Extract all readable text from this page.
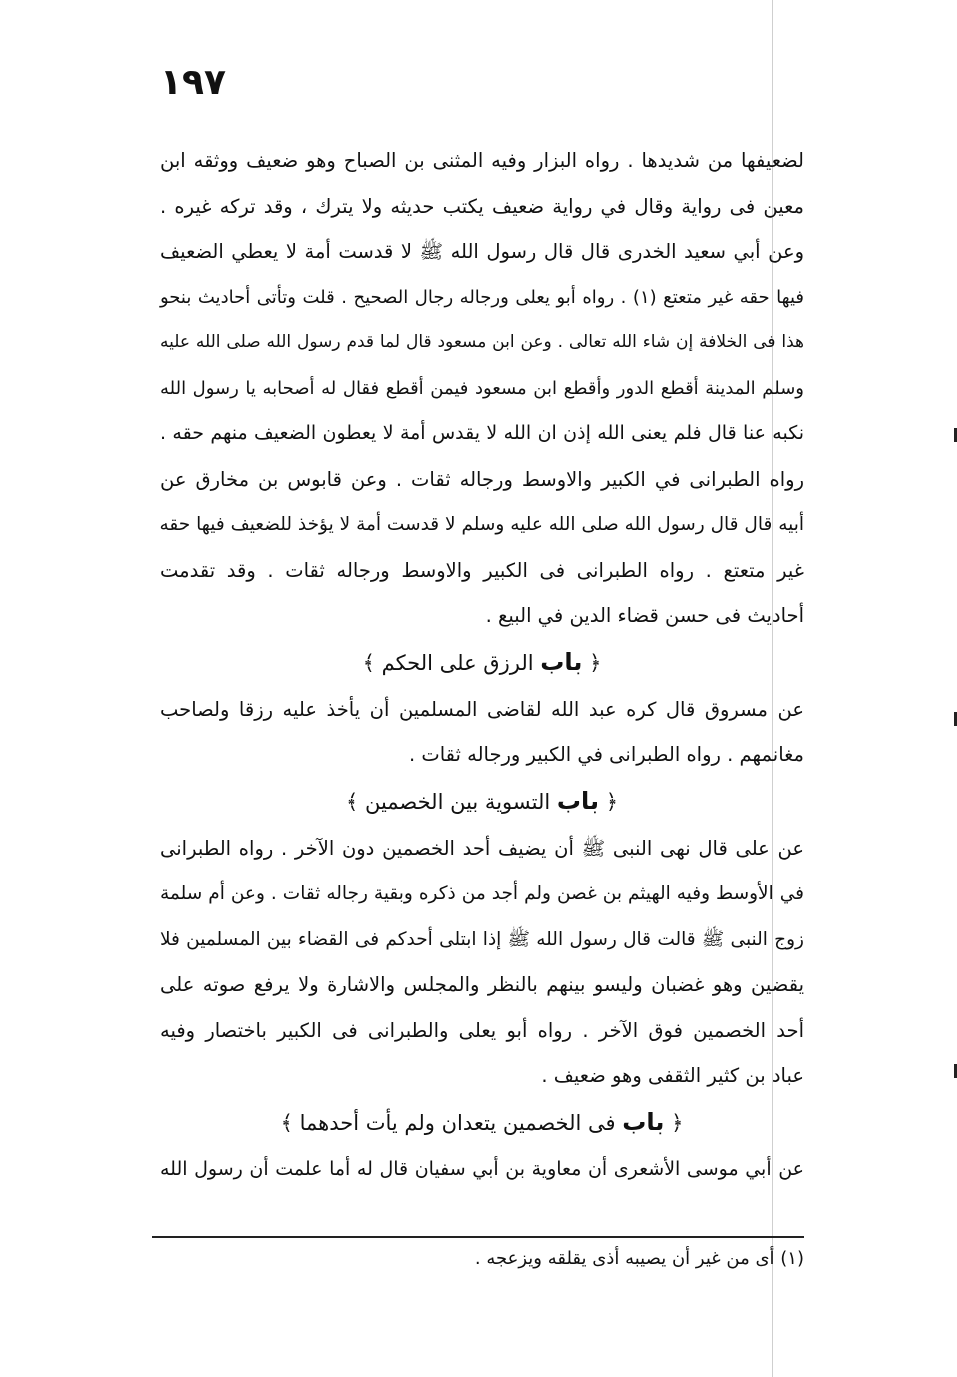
١٩٧
لضعيفها من شديدها . رواه البزار وفيه المثنى بن الصباح وهو ضعيف ووثقه ابن
معين فى رواية وقال في رواية ضعيف يكتب حديثه ولا يترك ، وقد تركه غيره .
وعن أبي سعيد الخدرى قال قال رسول الله ﷺ لا قدست أمة لا يعطي الضعيف
فيها حقه غير متعتع (١) . رواه أبو يعلى ورجاله رجال الصحيح . قلت وتأتى أحاديث بنحو
هذا فى الخلافة إن شاء الله تعالى . وعن ابن مسعود قال لما قدم رسول الله صلى الله عليه
وسلم المدينة أقطع الدور وأقطع ابن مسعود فيمن أقطع فقال له أصحابه يا رسول الله
نكبه عنا قال فلم يعنى الله إذن ان الله لا يقدس أمة لا يعطون الضعيف منهم حقه .
رواه الطبرانى في الكبير والاوسط ورجاله ثقات . وعن قابوس بن مخارق عن
أبيه قال قال رسول الله صلى الله عليه وسلم لا قدست أمة لا يؤخذ للضعيف فيها حقه
غير متعتع . رواه الطبرانى فى الكبير والاوسط ورجاله ثقات . وقد تقدمت
أحاديث فى حسن قضاء الدين في البيع .
﴿ باب الرزق على الحكم ﴾
عن مسروق قال كره عبد الله لقاضى المسلمين أن يأخذ عليه رزقا ولصاحب
مغانمهم . رواه الطبرانى في الكبير ورجاله ثقات .
﴿ باب التسوية بين الخصمين ﴾
عن على قال نهى النبى ﷺ أن يضيف أحد الخصمين دون الآخر . رواه الطبرانى
في الأوسط وفيه الهيثم بن غصن ولم أجد من ذكره وبقية رجاله ثقات . وعن أم سلمة
زوج النبى ﷺ قالت قال رسول الله ﷺ إذا ابتلى أحدكم فى القضاء بين المسلمين فلا
يقضين وهو غضبان وليسو بينهم بالنظر والمجلس والاشارة ولا يرفع صوته على
أحد الخصمين فوق الآخر . رواه أبو يعلى والطبرانى فى الكبير باختصار وفيه
عباد بن كثير الثقفى وهو ضعيف .
﴿ باب فى الخصمين يتعدان ولم يأت أحدهما ﴾
عن أبي موسى الأشعرى أن معاوية بن أبي سفيان قال له أما علمت أن رسول الله
(١) أى من غير أن يصيبه أذى يقلقه ويزعجه .
